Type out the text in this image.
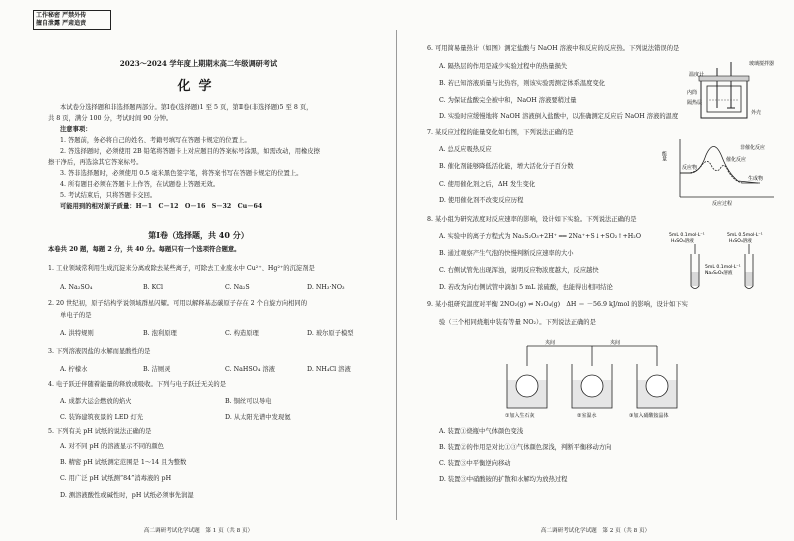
工作秘密 严禁外传
擅自泄露 严肃追责
2023～2024 学年度上期期末高二年级调研考试
化学
本试卷分选择题和非选择题两部分。第Ⅰ卷(选择题)1 至 5 页，第Ⅱ卷(非选择题)5 至 8 页，
共 8 页，满分 100 分，考试时间 90 分钟。
注意事项：
1. 答题前，务必将自己的姓名、考籍号填写在答题卡规定的位置上。
2. 答选择题时，必须使用 2B 铅笔将答题卡上对应题目的答案标号涂黑，如需改动，用橡皮擦
擦干净后，再选涂其它答案标号。
3. 答非选择题时，必须使用 0.5 毫米黑色签字笔，将答案书写在答题卡规定的位置上。
4. 所有题目必须在答题卡上作答，在试题卷上答题无效。
5. 考试结束后，只将答题卡交回。
可能用到的相对原子质量：H－1　C－12　O－16　S－32　Cu－64
第Ⅰ卷（选择题，共 40 分）
本卷共 20 题，每题 2 分，共 40 分。每题只有一个选项符合题意。
1. 工业领域常利用生成沉淀来分离或除去某些离子，可除去工业废水中 Cu²⁺、Hg²⁺的沉淀剂是
A. Na₂SO₄	B. KCl	C. Na₂S	D. NH₃·NO₃
2. 20 世纪初，原子结构学说领域群星闪耀。可用以解释基态碳原子存在 2 个自旋方向相同的
单电子的是
A. 洪特规则	B. 泡利原理	C. 构造原理	D. 玻尔原子模型
3. 下列溶液因盐的水解而显酸性的是
A. 柠檬水	B. 洁厕灵	C. NaHSO₄ 溶液	D. NH₄Cl 溶液
4. 电子跃迁伴随着能量的释放或吸收。下列与电子跃迁无关的是
A. 成都大运会燃放的焰火	B. 铜丝可以导电
C. 装饰建筑夜景的 LED 灯光	D. 从太阳光谱中发现氦
5. 下列有关 pH 试纸的说法正确的是
A. 对不同 pH 的溶液显示不同的颜色
B. 精密 pH 试纸测定范围是 1～14 且为整数
C. 用广泛 pH 试纸测“84”消毒液的 pH
D. 测溶液酸性或碱性时，pH 试纸必须事先润湿
高二调研考试化学试题　第 1 页（共 8 页）
6. 可用简易量热计（如图）测定盐酸与 NaOH 溶液中和反应的反应热。下列说法错误的是
A. 隔热层的作用是减少实验过程中的热量损失
B. 若已知溶液质量与比热容，则该实验需测定体系温度变化
C. 为保证盐酸完全被中和，NaOH 溶液要稍过量
D. 实验时应缓慢地将 NaOH 溶液倒入盐酸中，以准确测定反应后 NaOH 溶液的温度
玻璃搅拌器
温度计
内筒
隔热层
外壳
7. 某反应过程的能量变化如右图，下列说法正确的是
A. 总反应吸热反应
B. 催化剂能够降低活化能，增大活化分子百分数
C. 使用催化剂之后，ΔH 发生变化
D. 使用催化剂不改变反应历程
能量
反应过程
反应物
生成物
非催化反应
催化反应
8. 某小组为研究浓度对反应速率的影响，设计如下实验。下列说法正确的是
A. 实验中的离子方程式为 Na₂S₂O₃+2H⁺ ══ 2Na⁺+S↓+SO₂↑+H₂O
B. 通过观察产生气泡的快慢判断反应速率的大小
C. 右侧试管先出现浑浊，说明反应物浓度越大，反应越快
D. 若改为向右侧试管中滴加 5 mL 浓硫酸，也能得出相同结论
5mL 0.1mol·L⁻¹
H₂SO₄溶液
5mL 0.5mol·L⁻¹
H₂SO₄溶液
5mL 0.1mol·L⁻¹
Na₂S₂O₃溶液
9. 某小组研究温度对平衡 2NO₂(g) ⇌ N₂O₄(g)　ΔH ＝ －56.9 kJ/mol 的影响，设计如下实
验（三个相同烧瓶中装有等量 NO₂）。下列说法正确的是
夹间	夹间
①加入生石灰	②室温水	③加入硝酸铵晶体
A. 装置①烧瓶中气体颜色变浅
B. 装置②的作用是对比①③气体颜色深浅，判断平衡移动方向
C. 装置③中平衡逆向移动
D. 装置③中硝酸铵的扩散和水解均为放热过程
高二调研考试化学试题　第 2 页（共 8 页）
